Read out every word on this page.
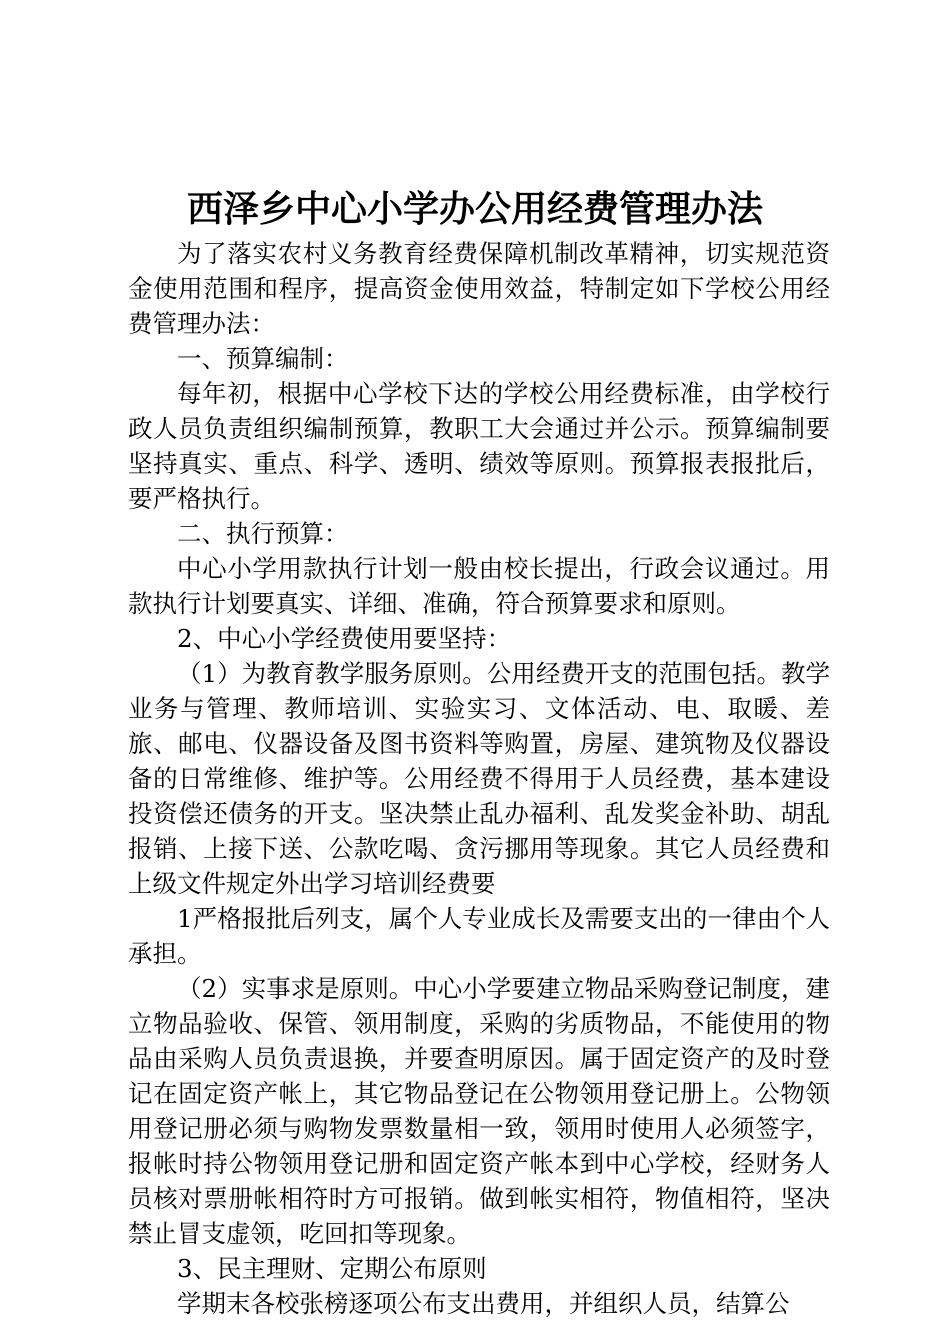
西泽乡中心小学办公用经费管理办法

为了落实农村义务教育经费保障机制改革精神，切实规范资金使用范围和程序，提高资金使用效益，特制定如下学校公用经费管理办法：

一、预算编制：

每年初，根据中心学校下达的学校公用经费标准，由学校行政人员负责组织编制预算，教职工大会通过并公示。预算编制要坚持真实、重点、科学、透明、绩效等原则。预算报表报批后，要严格执行。

二、执行预算：

中心小学用款执行计划一般由校长提出，行政会议通过。用款执行计划要真实、详细、准确，符合预算要求和原则。

2、中心小学经费使用要坚持：

（1）为教育教学服务原则。公用经费开支的范围包括。教学业务与管理、教师培训、实验实习、文体活动、电、取暖、差旅、邮电、仪器设备及图书资料等购置，房屋、建筑物及仪器设备的日常维修、维护等。公用经费不得用于人员经费，基本建设投资偿还债务的开支。坚决禁止乱办福利、乱发奖金补助、胡乱报销、上接下送、公款吃喝、贪污挪用等现象。其它人员经费和上级文件规定外出学习培训经费要

1严格报批后列支，属个人专业成长及需要支出的一律由个人承担。

（2）实事求是原则。中心小学要建立物品采购登记制度，建立物品验收、保管、领用制度，采购的劣质物品，不能使用的物品由采购人员负责退换，并要查明原因。属于固定资产的及时登记在固定资产帐上，其它物品登记在公物领用登记册上。公物领用登记册必须与购物发票数量相一致，领用时使用人必须签字，报帐时持公物领用登记册和固定资产帐本到中心学校，经财务人员核对票册帐相符时方可报销。做到帐实相符，物值相符，坚决禁止冒支虚领，吃回扣等现象。

3、民主理财、定期公布原则

学期末各校张榜逐项公布支出费用，并组织人员，结算公
